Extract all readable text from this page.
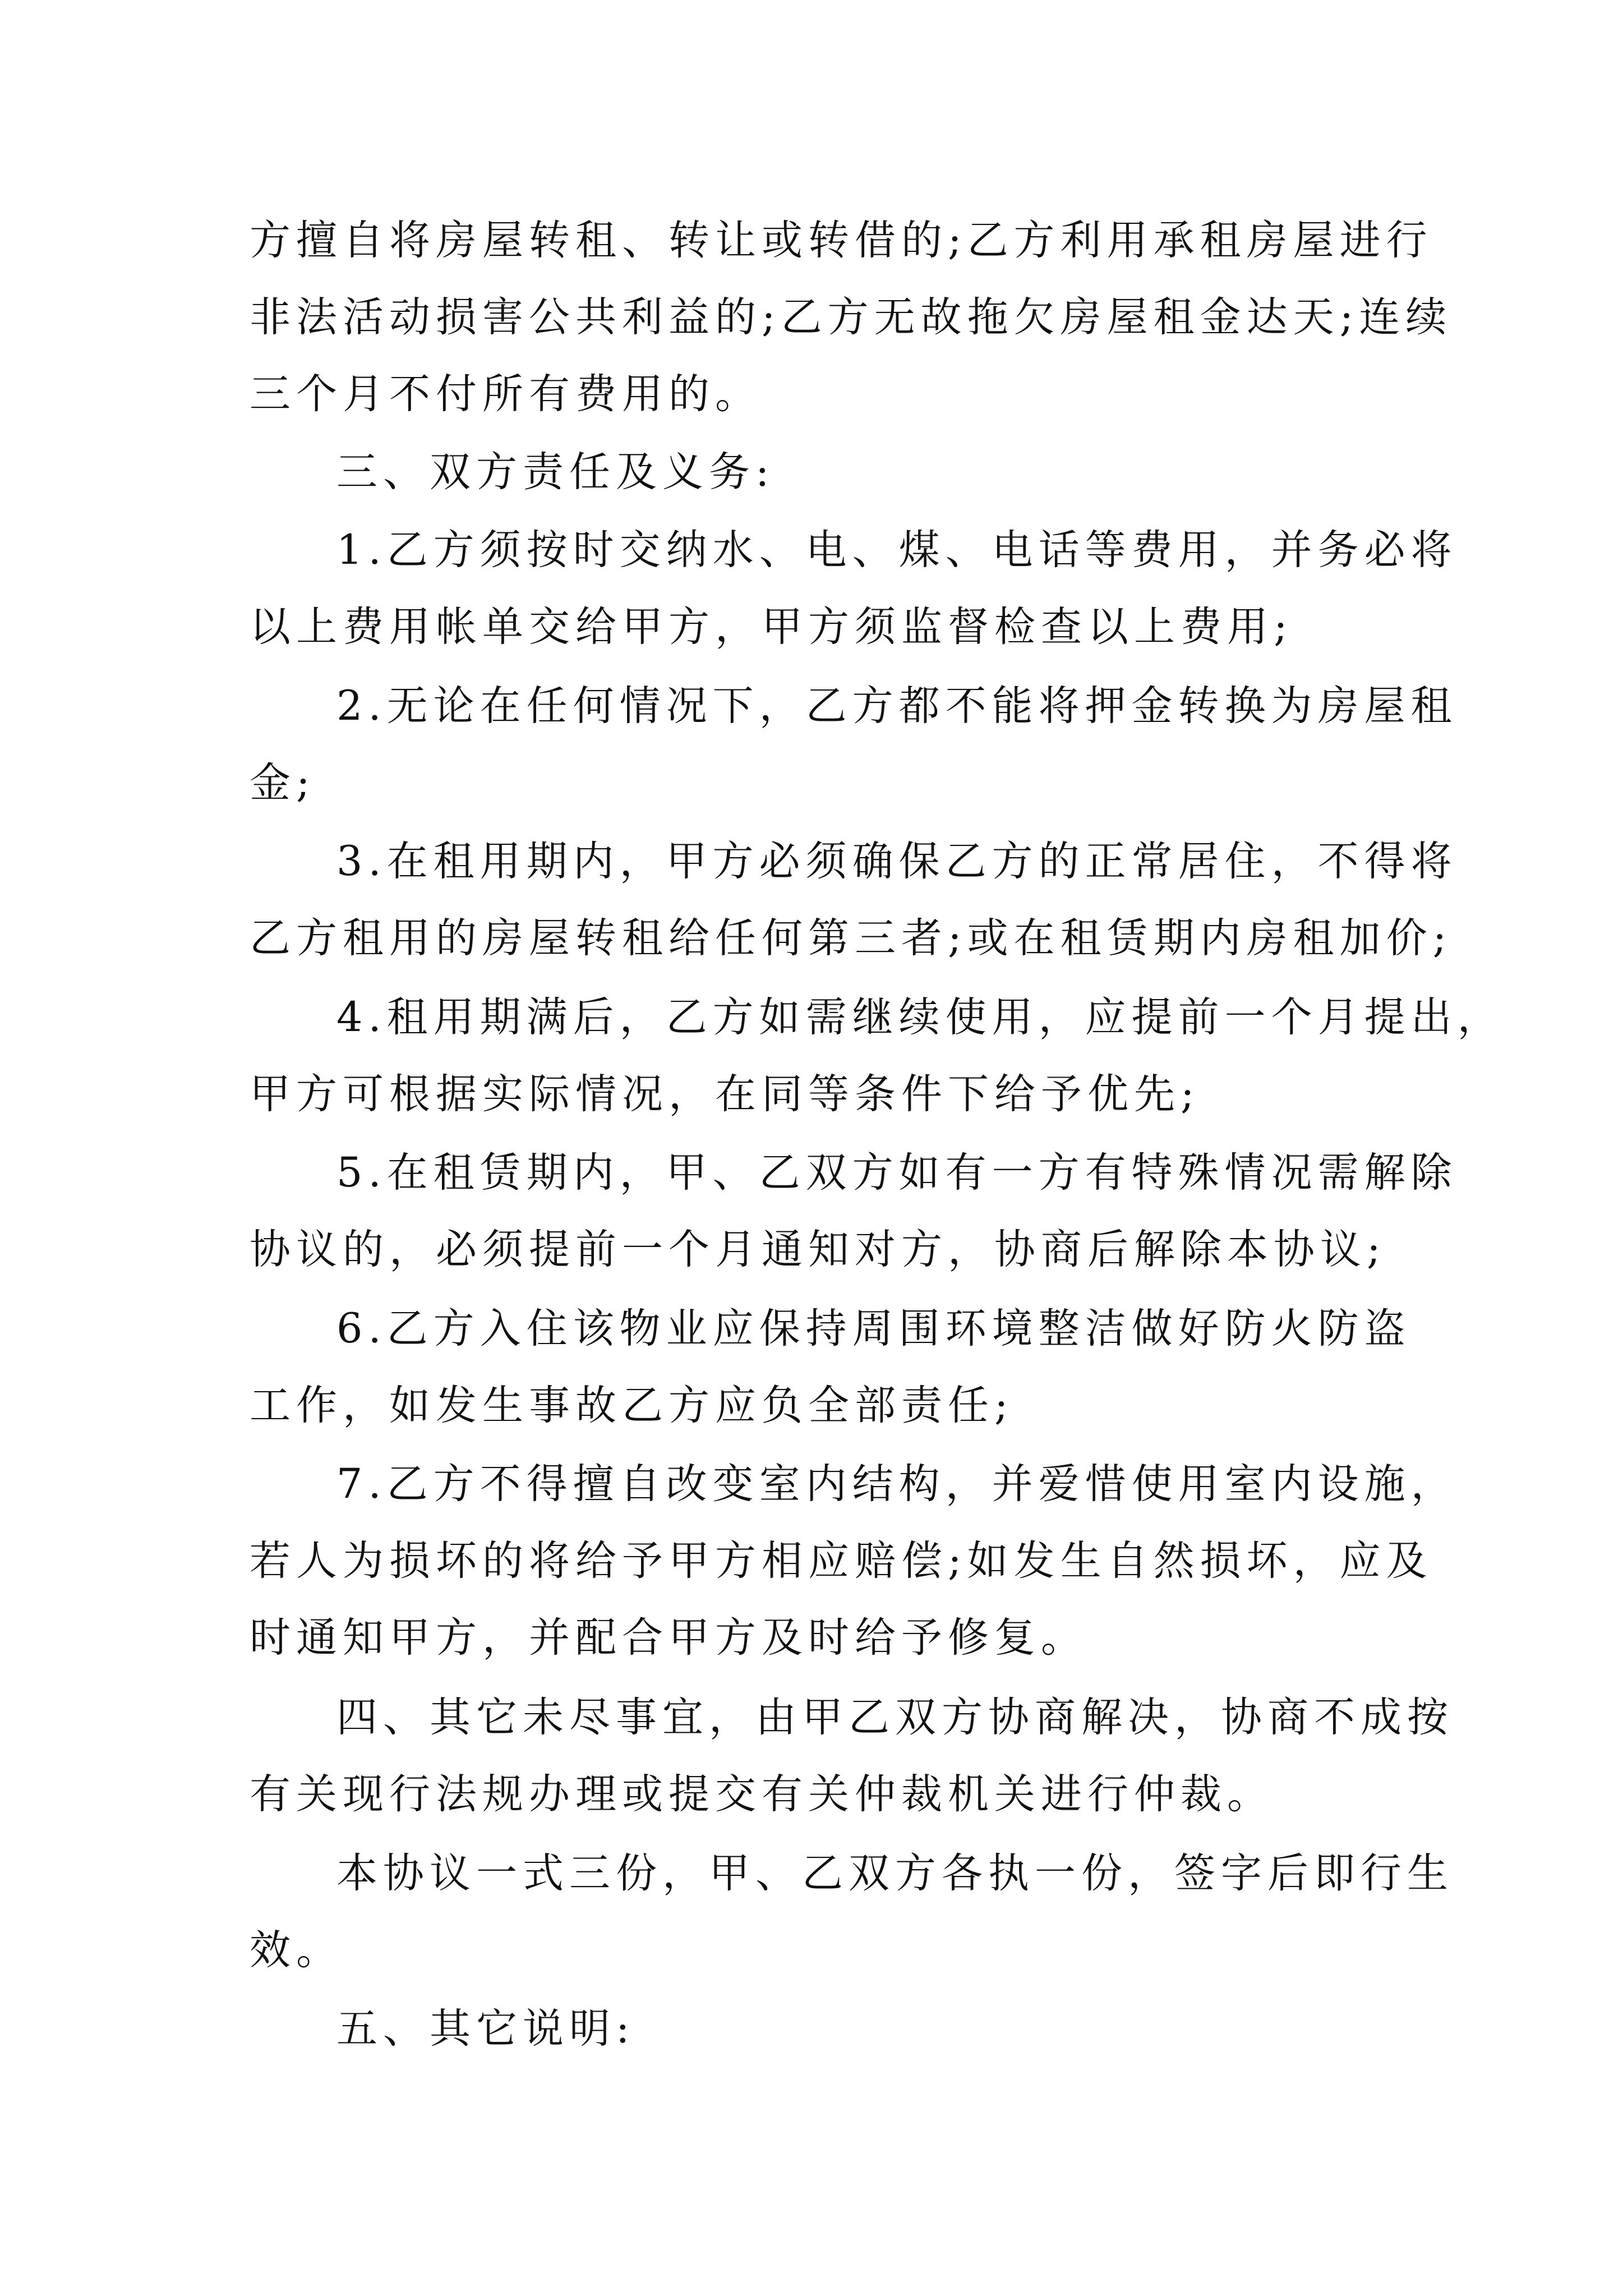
方擅自将房屋转租、转让或转借的;乙方利用承租房屋进行
非法活动损害公共利益的;乙方无故拖欠房屋租金达天;连续
三个月不付所有费用的。

三、双方责任及义务:

1.乙方须按时交纳水、电、煤、电话等费用，并务必将
以上费用帐单交给甲方，甲方须监督检查以上费用;

2.无论在任何情况下，乙方都不能将押金转换为房屋租
金;

3.在租用期内，甲方必须确保乙方的正常居住，不得将
乙方租用的房屋转租给任何第三者;或在租赁期内房租加价;

4.租用期满后，乙方如需继续使用，应提前一个月提出，
甲方可根据实际情况，在同等条件下给予优先;

5.在租赁期内，甲、乙双方如有一方有特殊情况需解除
协议的，必须提前一个月通知对方，协商后解除本协议;

6.乙方入住该物业应保持周围环境整洁做好防火防盗
工作，如发生事故乙方应负全部责任;

7.乙方不得擅自改变室内结构，并爱惜使用室内设施，
若人为损坏的将给予甲方相应赔偿;如发生自然损坏，应及
时通知甲方，并配合甲方及时给予修复。

四、其它未尽事宜，由甲乙双方协商解决，协商不成按
有关现行法规办理或提交有关仲裁机关进行仲裁。

本协议一式三份，甲、乙双方各执一份，签字后即行生
效。

五、其它说明:
